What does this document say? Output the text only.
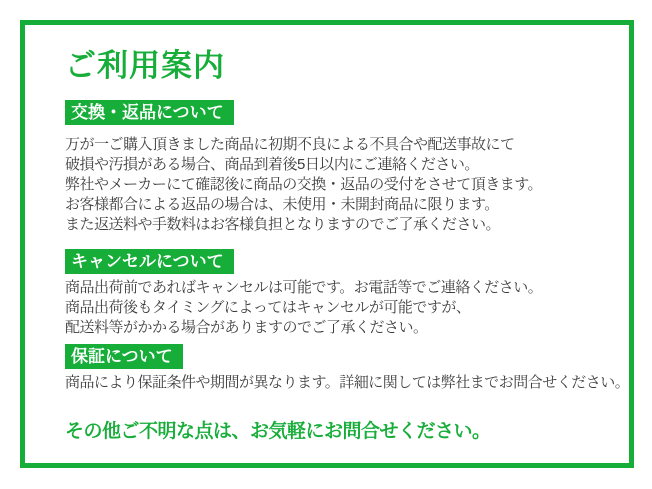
ご利用案内
交換・返品について

万が一ご購入頂きました商品に初期不良による不具合や配送事故にて

破損や汚損がある場合、商品到着後5日以内にご連絡ください。

弊社やメーカーにて確認後に商品の交換・返品の受付をさせて頂きます。

お客様都合による返品の場合は、未使用・未開封商品に限ります。

また返送料や手数料はお客様負担となりますのでご了承ください。

キャンセルについて

商品出荷前であればキャンセルは可能です。お電話等でご連絡ください。

商品出荷後もタイミングによってはキャンセルが可能ですが、

配送料等がかかる場合がありますのでご了承ください。

保証について

商品により保証条件や期間が異なります。詳細に関しては弊社までお問合せください。

その他ご不明な点は、お気軽にお問合せください。
